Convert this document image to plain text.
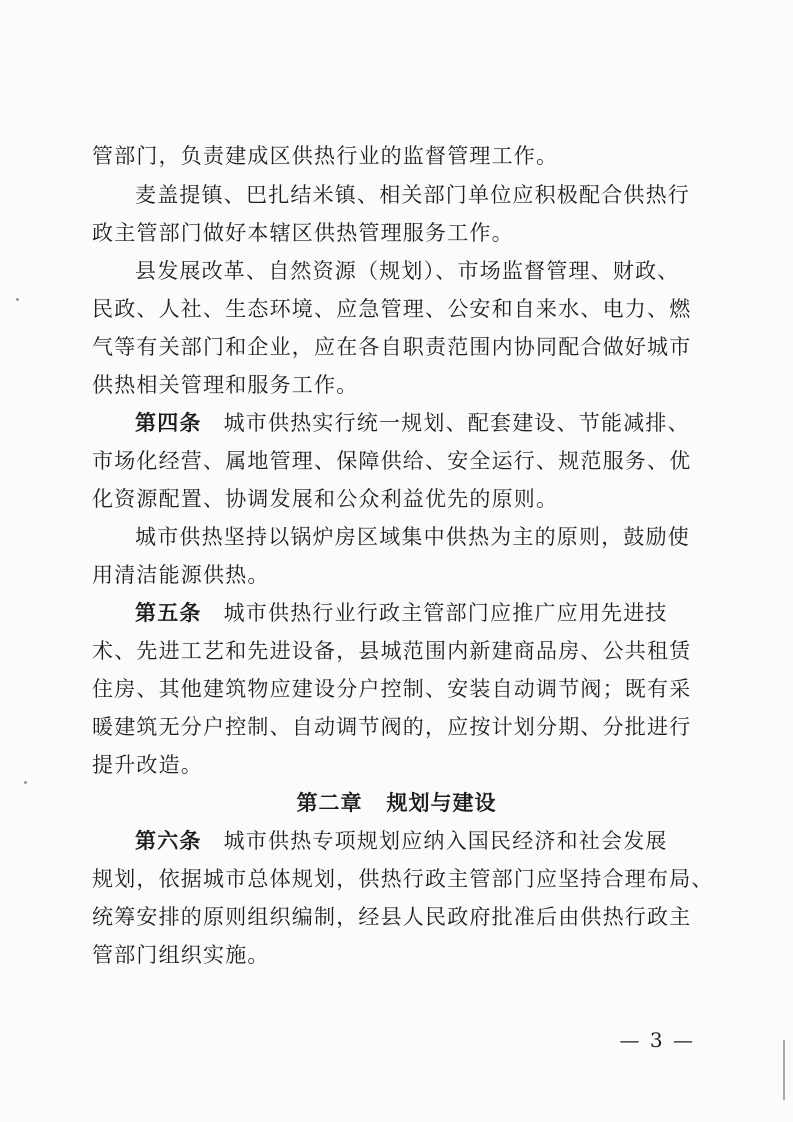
管部门，负责建成区供热行业的监督管理工作。
麦盖提镇、巴扎结米镇、相关部门单位应积极配合供热行
政主管部门做好本辖区供热管理服务工作。
县发展改革、自然资源（规划）、市场监督管理、财政、
民政、人社、生态环境、应急管理、公安和自来水、电力、燃
气等有关部门和企业，应在各自职责范围内协同配合做好城市
供热相关管理和服务工作。
第四条 城市供热实行统一规划、配套建设、节能减排、
市场化经营、属地管理、保障供给、安全运行、规范服务、优
化资源配置、协调发展和公众利益优先的原则。
城市供热坚持以锅炉房区域集中供热为主的原则，鼓励使
用清洁能源供热。
第五条 城市供热行业行政主管部门应推广应用先进技
术、先进工艺和先进设备，县城范围内新建商品房、公共租赁
住房、其他建筑物应建设分户控制、安装自动调节阀；既有采
暖建筑无分户控制、自动调节阀的，应按计划分期、分批进行
提升改造。
第二章 规划与建设
第六条 城市供热专项规划应纳入国民经济和社会发展
规划，依据城市总体规划，供热行政主管部门应坚持合理布局、
统筹安排的原则组织编制，经县人民政府批准后由供热行政主
管部门组织实施。
— 3 —
